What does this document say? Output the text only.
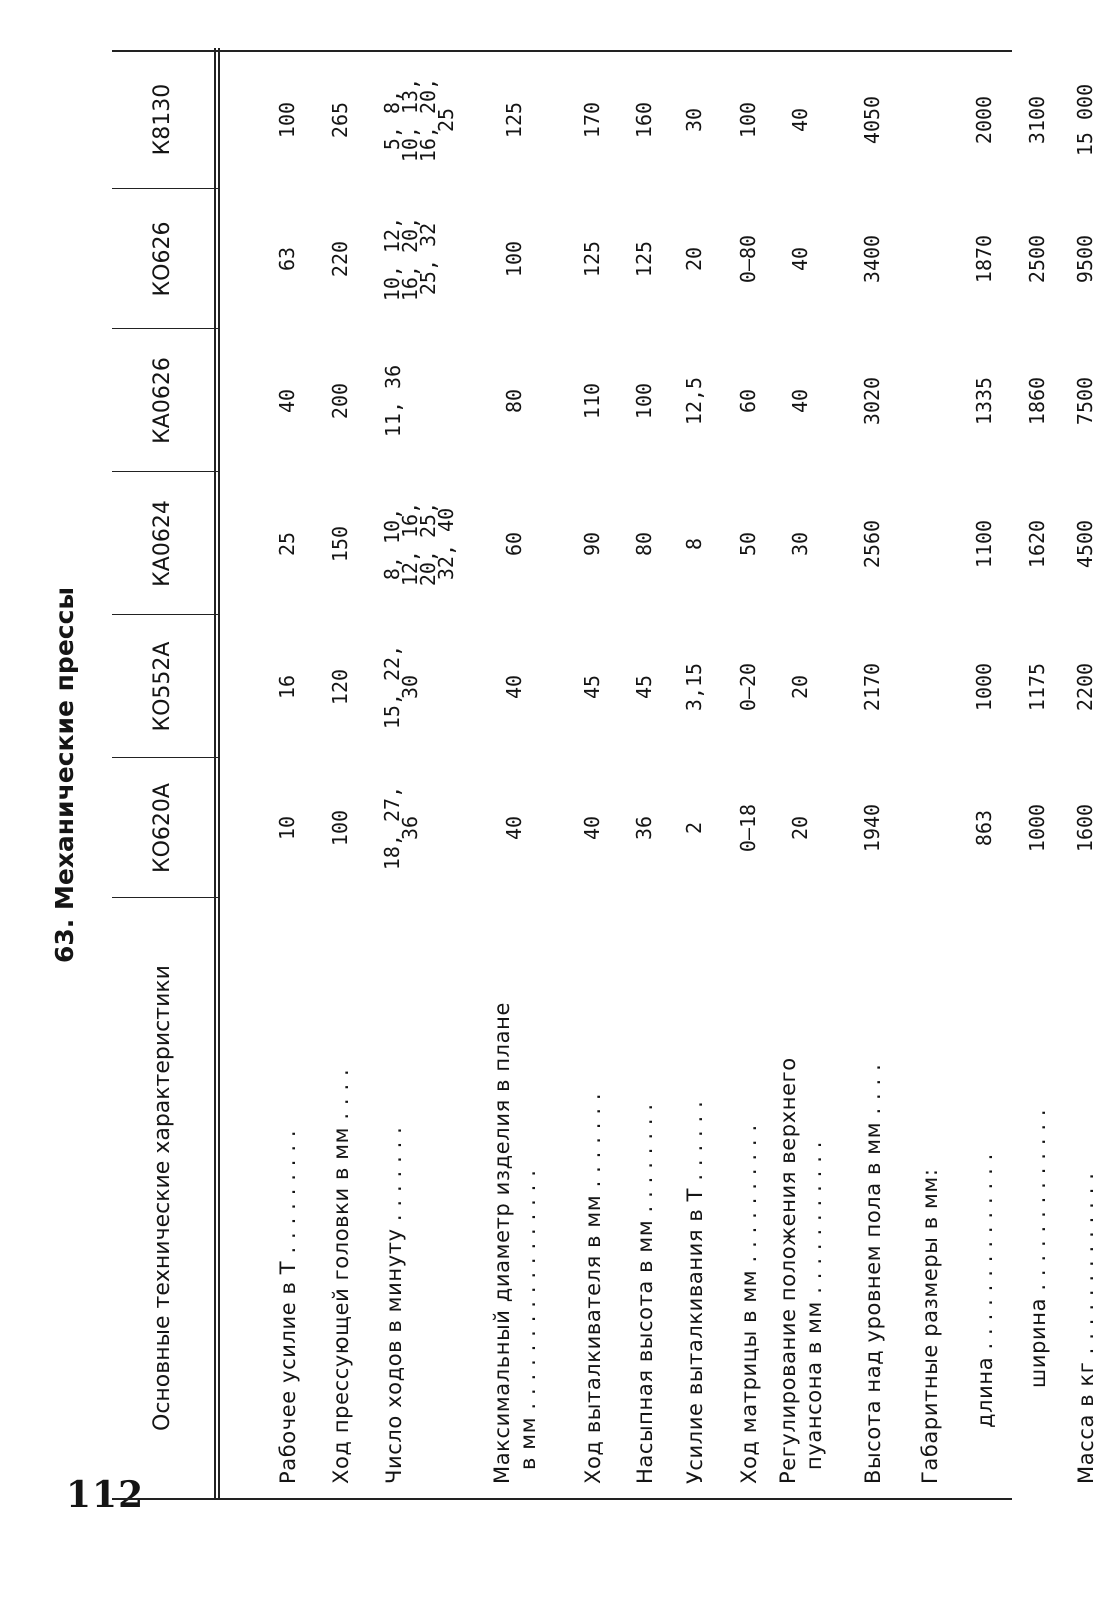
112
63. Механические прессы
Основные технические характеристики
КО620А
КО552А
КА0624
КА0626
КО626
К8130
Рабочее усилие в Т . . . . . . . . .
10
16
25
40
63
100
Ход прессующей головки в мм . . . .
100
120
150
200
220
265
Число ходов в минуту . . . . . . .
18, 27,
36
15, 22,
30
8, 10,
12, 16,
20, 25,
32, 40
11, 36
10, 12,
16, 20,
25, 32
5, 8,
10, 13,
16, 20,
25
Максимальный диаметр изделия в плане в мм . . . . . . . . . . . . . . . . .
40
40
60
80
100
125
Ход выталкивателя в мм . . . . . . .
40
45
90
110
125
170
Насыпная высота в мм . . . . . . . .
36
45
80
100
125
160
Усилие выталкивания в Т . . . . . .
2
3,15
8
12,5
20
30
Ход матрицы в мм . . . . . . . . . .
0—18
0—20
50
60
0—80
100
Регулирование положения верхнего пуансона в мм . . . . . . . . . . .
20
20
30
40
40
40
Высота над уровнем пола в мм . . . .
1940
2170
2560
3020
3400
4050
Габаритные размеры в мм: длина . . . . . . . . . . . . . .
863
1000
1100
1335
1870
2000
ширина . . . . . . . . . . . . .
1000
1175
1620
1860
2500
3100
Масса в кг . . . . . . . . . . . . .
1600
2200
4500
7500
9500
15 000
